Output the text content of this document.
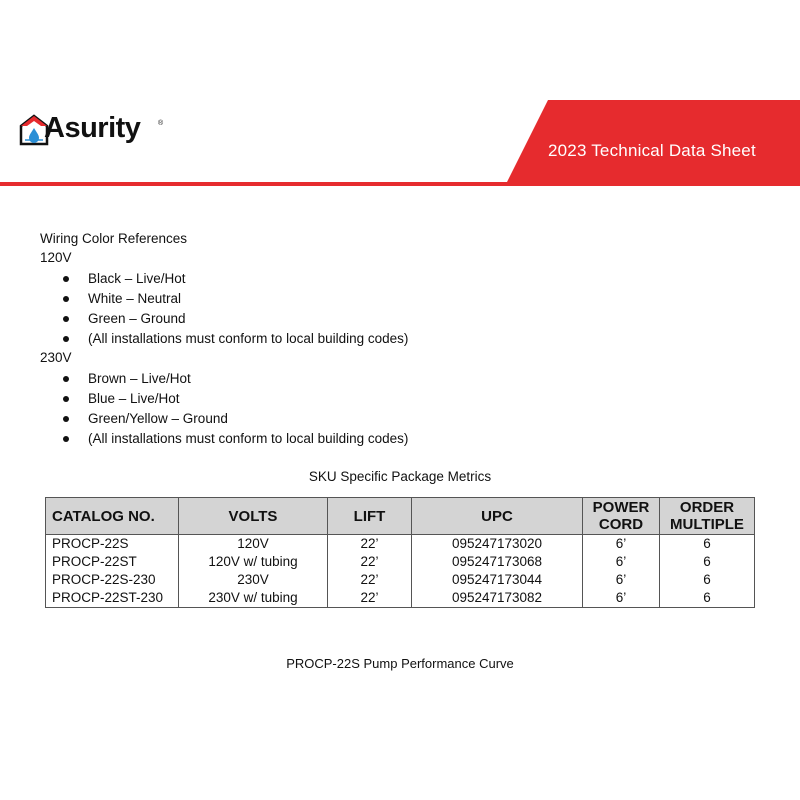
Asurity	®
2023 Technical Data Sheet
Wiring Color References
120V
Black – Live/Hot
White – Neutral
Green – Ground
(All installations must conform to local building codes)
230V
Brown – Live/Hot
Blue – Live/Hot
Green/Yellow – Ground
(All installations must conform to local building codes)
SKU Specific Package Metrics
CATALOG NO.	VOLTS	LIFT	UPC	POWER CORD	ORDER MULTIPLE
PROCP-22S	120V	22’	095247173020	6’	6
PROCP-22ST	120V w/ tubing	22’	095247173068	6’	6
PROCP-22S-230	230V	22’	095247173044	6’	6
PROCP-22ST-230	230V w/ tubing	22’	095247173082	6’	6
PROCP-22S Pump Performance Curve
